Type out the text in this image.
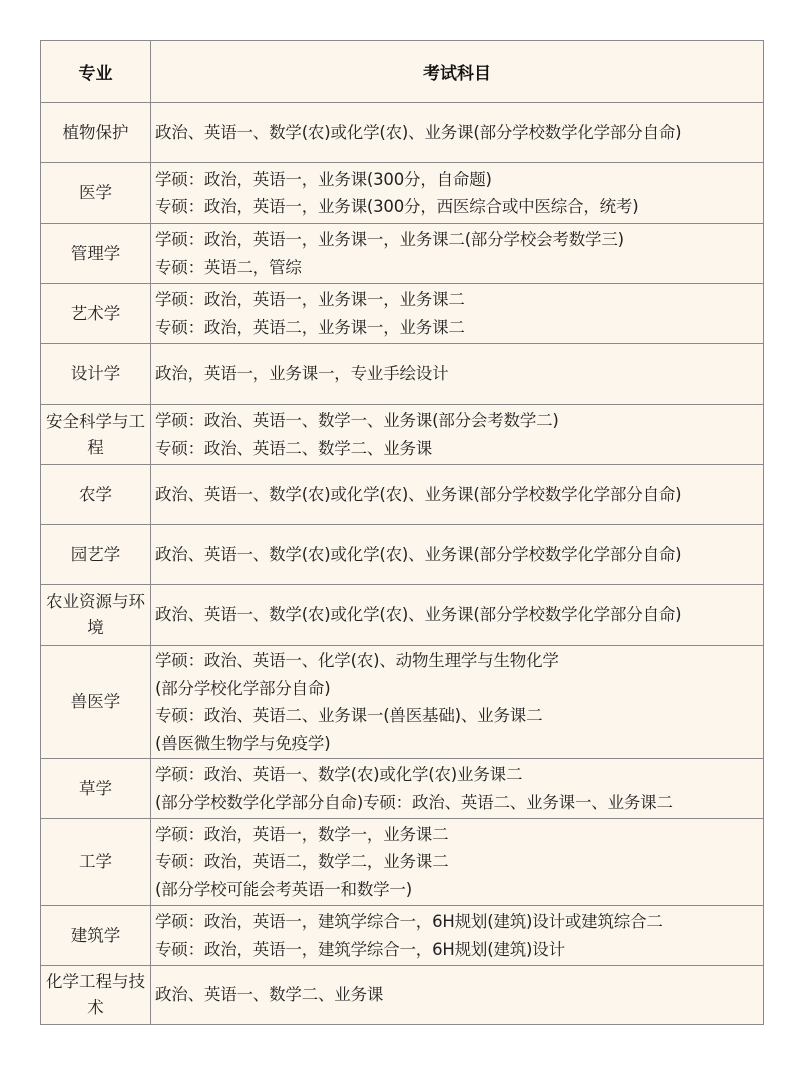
专业	考试科目
植物保护	政治、英语一、数学(农)或化学(农)、业务课(部分学校数学化学部分自命)

医学	学硕：政治，英语一，业务课(300分，自命题)
专硕：政治，英语一，业务课(300分，西医综合或中医综合，统考)

管理学	学硕：政治，英语一，业务课一，业务课二(部分学校会考数学三)
专硕：英语二，管综

艺术学	学硕：政治，英语一，业务课一，业务课二
专硕：政治，英语二，业务课一，业务课二

设计学	政治，英语一，业务课一，专业手绘设计

安全科学与工程	学硕：政治、英语一、数学一、业务课(部分会考数学二)
专硕：政治、英语二、数学二、业务课

农学	政治、英语一、数学(农)或化学(农)、业务课(部分学校数学化学部分自命)

园艺学	政治、英语一、数学(农)或化学(农)、业务课(部分学校数学化学部分自命)

农业资源与环境	政治、英语一、数学(农)或化学(农)、业务课(部分学校数学化学部分自命)

兽医学	学硕：政治、英语一、化学(农)、动物生理学与生物化学
(部分学校化学部分自命)
专硕：政治、英语二、业务课一(兽医基础)、业务课二
(兽医微生物学与免疫学)

草学	学硕：政治、英语一、数学(农)或化学(农)业务课二
(部分学校数学化学部分自命)专硕：政治、英语二、业务课一、业务课二

工学	学硕：政治，英语一，数学一，业务课二
专硕：政治，英语二，数学二，业务课二
(部分学校可能会考英语一和数学一)

建筑学	学硕：政治，英语一，建筑学综合一，6H规划(建筑)设计或建筑综合二
专硕：政治，英语一，建筑学综合一，6H规划(建筑)设计

化学工程与技术	政治、英语一、数学二、业务课
